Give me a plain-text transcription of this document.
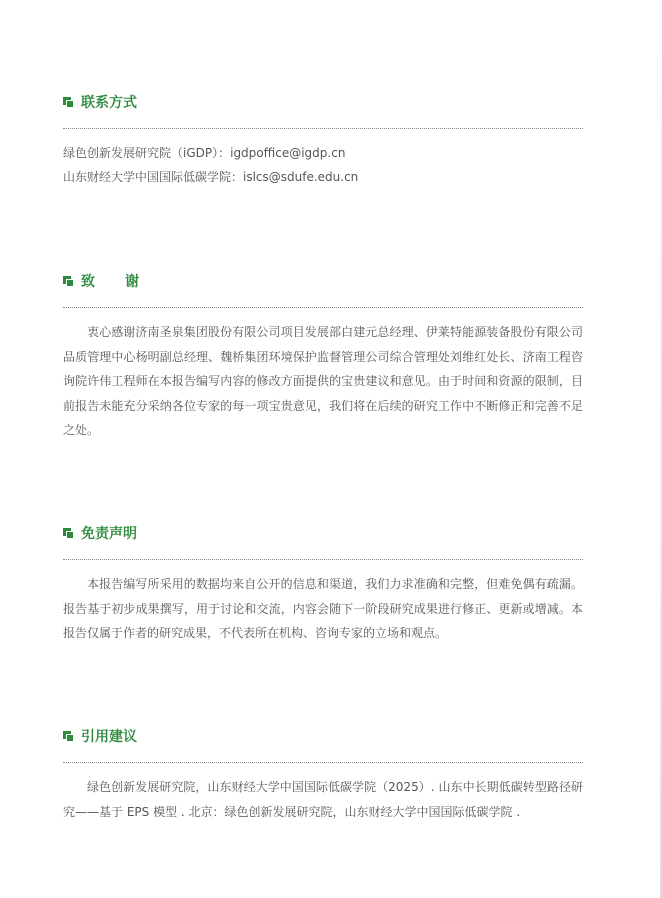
联系方式
绿色创新发展研究院（iGDP）：igdpoffice@igdp.cn
山东财经大学中国国际低碳学院：islcs@sdufe.edu.cn
致谢

衷心感谢济南圣泉集团股份有限公司项目发展部白建元总经理、伊莱特能源装备股份有限公司品质管理中心杨明副总经理、魏桥集团环境保护监督管理公司综合管理处刘维红处长、济南工程咨询院许伟工程师在本报告编写内容的修改方面提供的宝贵建议和意见。由于时间和资源的限制，目前报告未能充分采纳各位专家的每一项宝贵意见，我们将在后续的研究工作中不断修正和完善不足之处。

免责声明

本报告编写所采用的数据均来自公开的信息和渠道，我们力求准确和完整，但难免偶有疏漏。报告基于初步成果撰写，用于讨论和交流，内容会随下一阶段研究成果进行修正、更新或增减。本报告仅属于作者的研究成果，不代表所在机构、咨询专家的立场和观点。

引用建议

绿色创新发展研究院，山东财经大学中国国际低碳学院（2025）. 山东中长期低碳转型路径研究——基于 EPS 模型 . 北京：绿色创新发展研究院，山东财经大学中国国际低碳学院 .
